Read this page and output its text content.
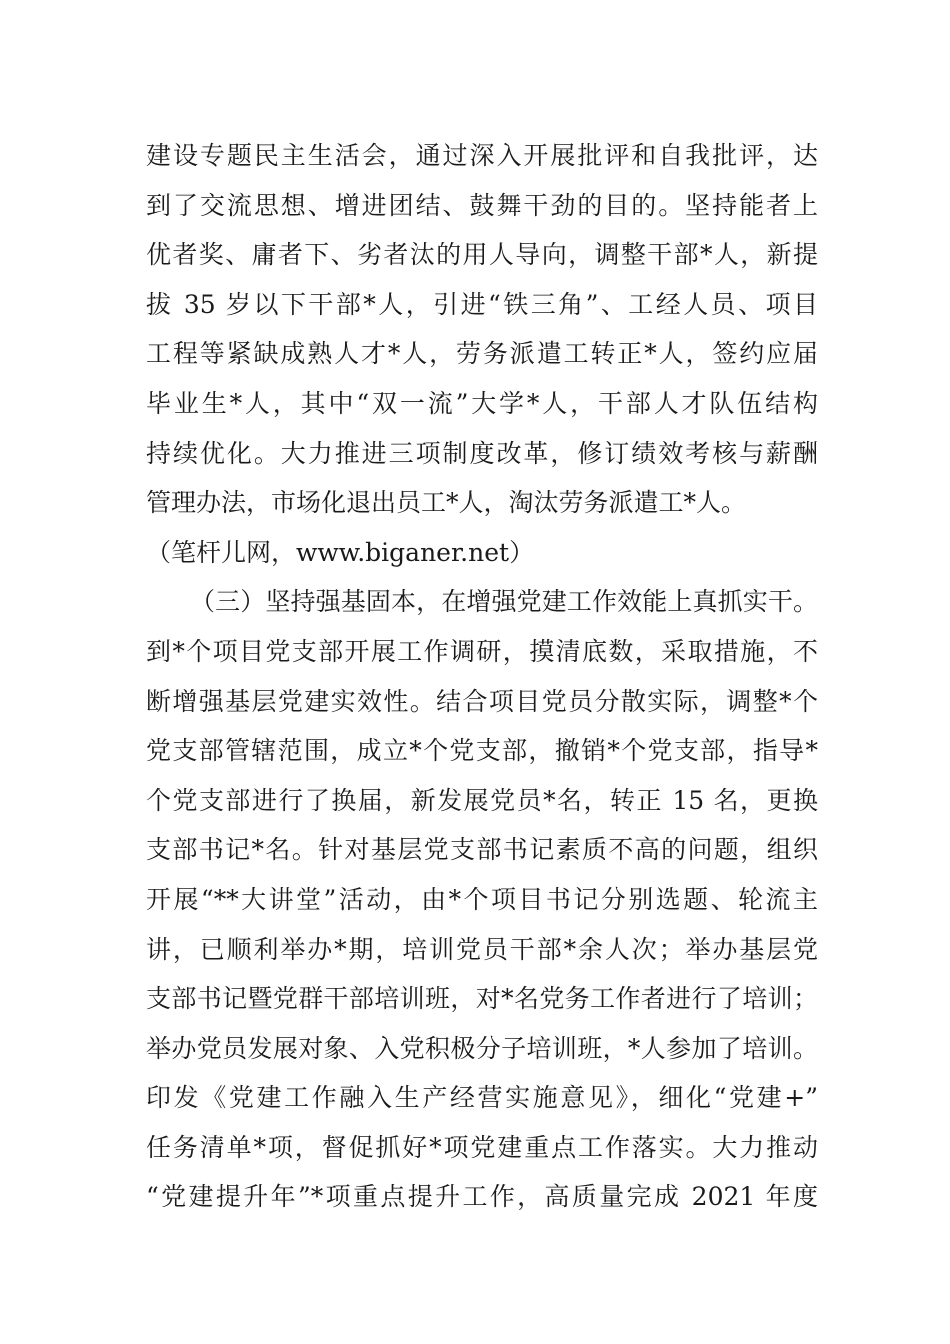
建设专题民主生活会，通过深入开展批评和自我批评，达
到了交流思想、增进团结、鼓舞干劲的目的。坚持能者上
优者奖、庸者下、劣者汰的用人导向，调整干部*人，新提
拔 35 岁以下干部*人，引进“铁三角”、工经人员、项目
工程等紧缺成熟人才*人，劳务派遣工转正*人，签约应届
毕业生*人，其中“双一流”大学*人，干部人才队伍结构
持续优化。大力推进三项制度改革，修订绩效考核与薪酬
管理办法，市场化退出员工*人，淘汰劳务派遣工*人。
（笔杆儿网，www.biganer.net）
（三）坚持强基固本，在增强党建工作效能上真抓实干。
到*个项目党支部开展工作调研，摸清底数，采取措施，不
断增强基层党建实效性。结合项目党员分散实际，调整*个
党支部管辖范围，成立*个党支部，撤销*个党支部，指导*
个党支部进行了换届，新发展党员*名，转正 15 名，更换
支部书记*名。针对基层党支部书记素质不高的问题，组织
开展“**大讲堂”活动，由*个项目书记分别选题、轮流主
讲，已顺利举办*期，培训党员干部*余人次；举办基层党
支部书记暨党群干部培训班，对*名党务工作者进行了培训；
举办党员发展对象、入党积极分子培训班，*人参加了培训。
印发《党建工作融入生产经营实施意见》，细化“党建+”
任务清单*项，督促抓好*项党建重点工作落实。大力推动
“党建提升年”*项重点提升工作，高质量完成 2021 年度
